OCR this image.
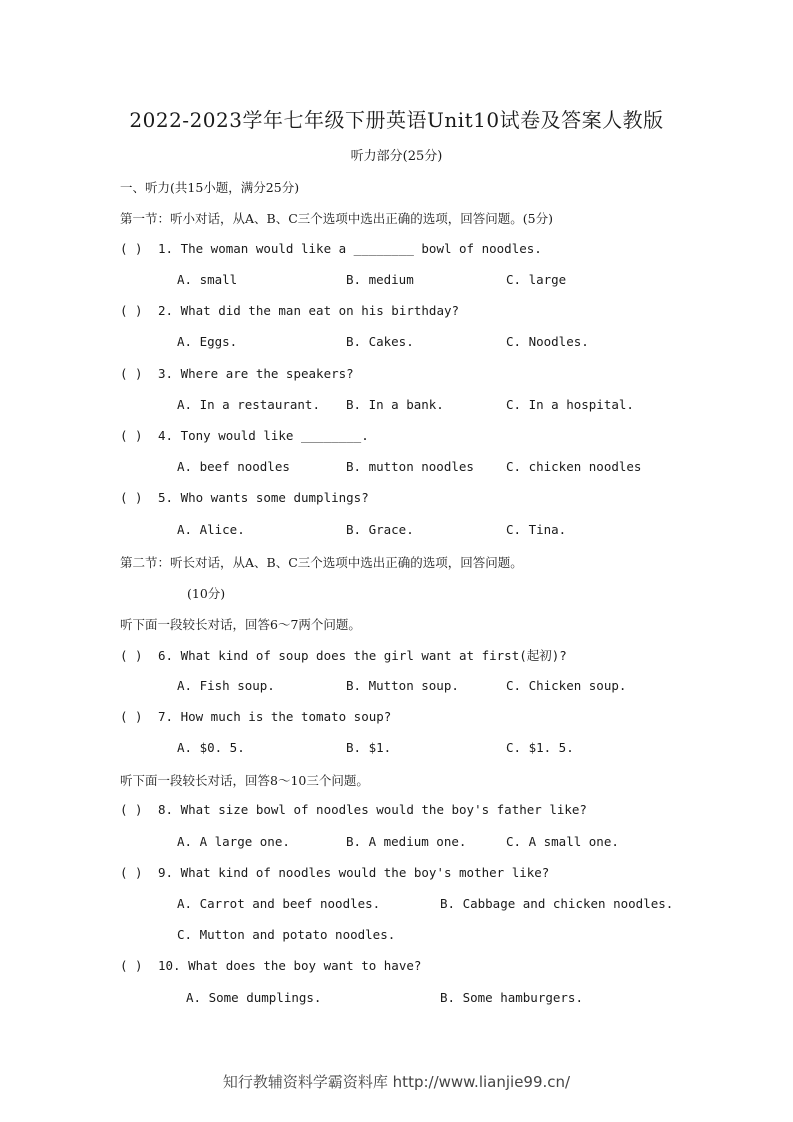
2022-2023学年七年级下册英语Unit10试卷及答案人教版
听力部分(25分)
一、听力(共15小题，满分25分)
第一节：听小对话，从A、B、C三个选项中选出正确的选项，回答问题。(5分)
( ) 1. The woman would like a ________ bowl of noodles.
A. small	B. medium	C. large
( ) 2. What did the man eat on his birthday?
A. Eggs.	B. Cakes.	C. Noodles.
( ) 3. Where are the speakers?
A. In a restaurant. B. In a bank.	C. In a hospital.
( ) 4. Tony would like ________.
A. beef noodles	B. mutton noodles	C. chicken noodles
( ) 5. Who wants some dumplings?
A. Alice.	B. Grace.	C. Tina.
第二节：听长对话，从A、B、C三个选项中选出正确的选项，回答问题。
(10分)
听下面一段较长对话，回答6～7两个问题。
( ) 6. What kind of soup does the girl want at first(起初)?
A. Fish soup.	B. Mutton soup.	C. Chicken soup.
( ) 7. How much is the tomato soup?
A. $0. 5.	B. $1.	C. $1. 5.
听下面一段较长对话，回答8～10三个问题。
( ) 8. What size bowl of noodles would the boy's father like?
A. A large one.	B. A medium one.	C. A small one.
( ) 9. What kind of noodles would the boy's mother like?
A. Carrot and beef noodles.	B. Cabbage and chicken noodles.
C. Mutton and potato noodles.
( ) 10. What does the boy want to have?
A. Some dumplings.	B. Some hamburgers.
知行教辅资料学霸资料库 http://www.lianjie99.cn/
